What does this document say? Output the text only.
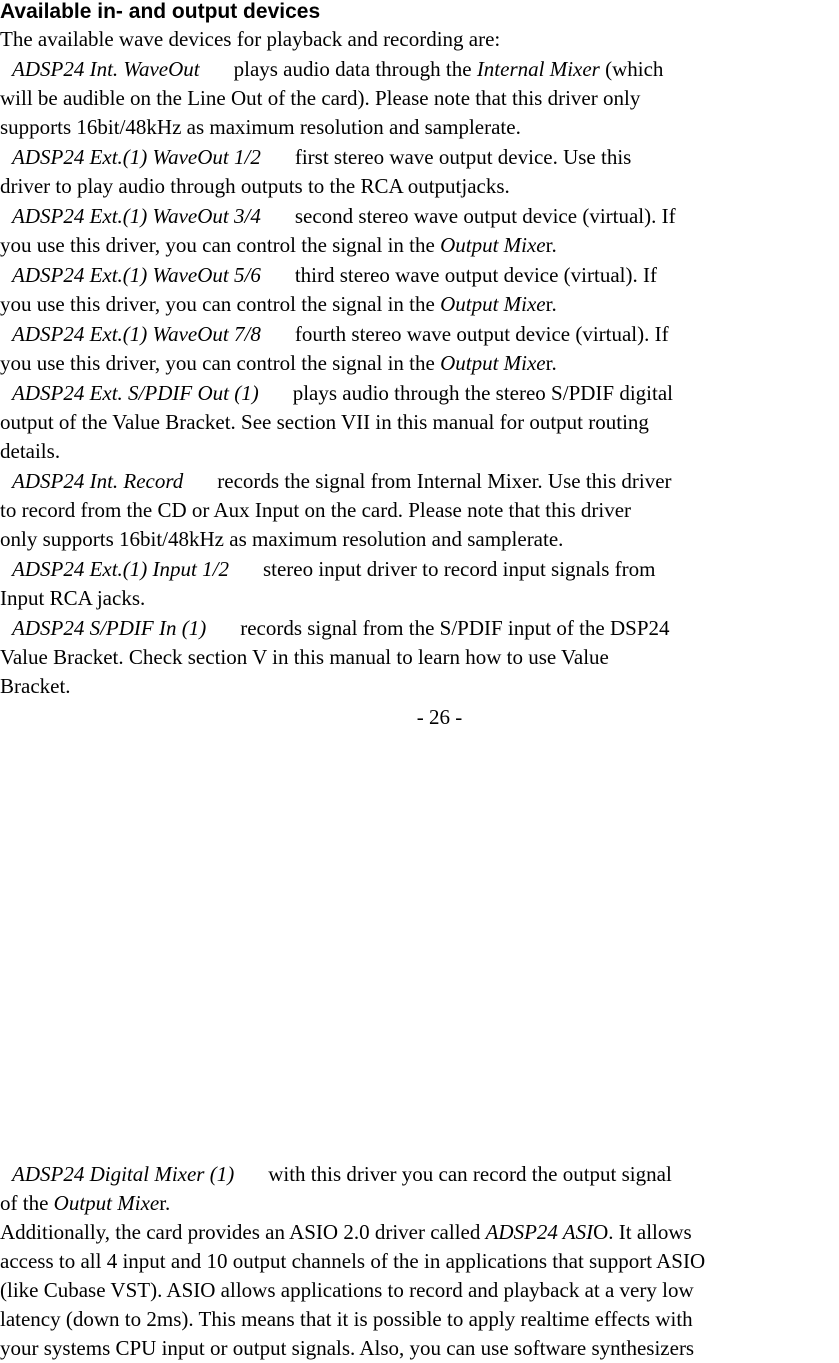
Available in- and output devices
The available wave devices for playback and recording are:
ADSP24 Int. WaveOut plays audio data through the Internal Mixer (which
will be audible on the Line Out of the card). Please note that this driver only
supports 16bit/48kHz as maximum resolution and samplerate.
ADSP24 Ext.(1) WaveOut 1/2 first stereo wave output device. Use this
driver to play audio through outputs to the RCA outputjacks.
ADSP24 Ext.(1) WaveOut 3/4 second stereo wave output device (virtual). If
you use this driver, you can control the signal in the Output Mixer.
ADSP24 Ext.(1) WaveOut 5/6 third stereo wave output device (virtual). If
you use this driver, you can control the signal in the Output Mixer.
ADSP24 Ext.(1) WaveOut 7/8 fourth stereo wave output device (virtual). If
you use this driver, you can control the signal in the Output Mixer.
ADSP24 Ext. S/PDIF Out (1) plays audio through the stereo S/PDIF digital
output of the Value Bracket. See section VII in this manual for output routing
details.
ADSP24 Int. Record records the signal from Internal Mixer. Use this driver
to record from the CD or Aux Input on the card. Please note that this driver
only supports 16bit/48kHz as maximum resolution and samplerate.
ADSP24 Ext.(1) Input 1/2 stereo input driver to record input signals from
Input RCA jacks.
ADSP24 S/PDIF In (1) records signal from the S/PDIF input of the DSP24
Value Bracket. Check section V in this manual to learn how to use Value
Bracket.
- 26 -
ADSP24 Digital Mixer (1) with this driver you can record the output signal
of the Output Mixer.
Additionally, the card provides an ASIO 2.0 driver called ADSP24 ASIO. It allows
access to all 4 input and 10 output channels of the in applications that support ASIO
(like Cubase VST). ASIO allows applications to record and playback at a very low
latency (down to 2ms). This means that it is possible to apply realtime effects with
your systems CPU input or output signals. Also, you can use software synthesizers
